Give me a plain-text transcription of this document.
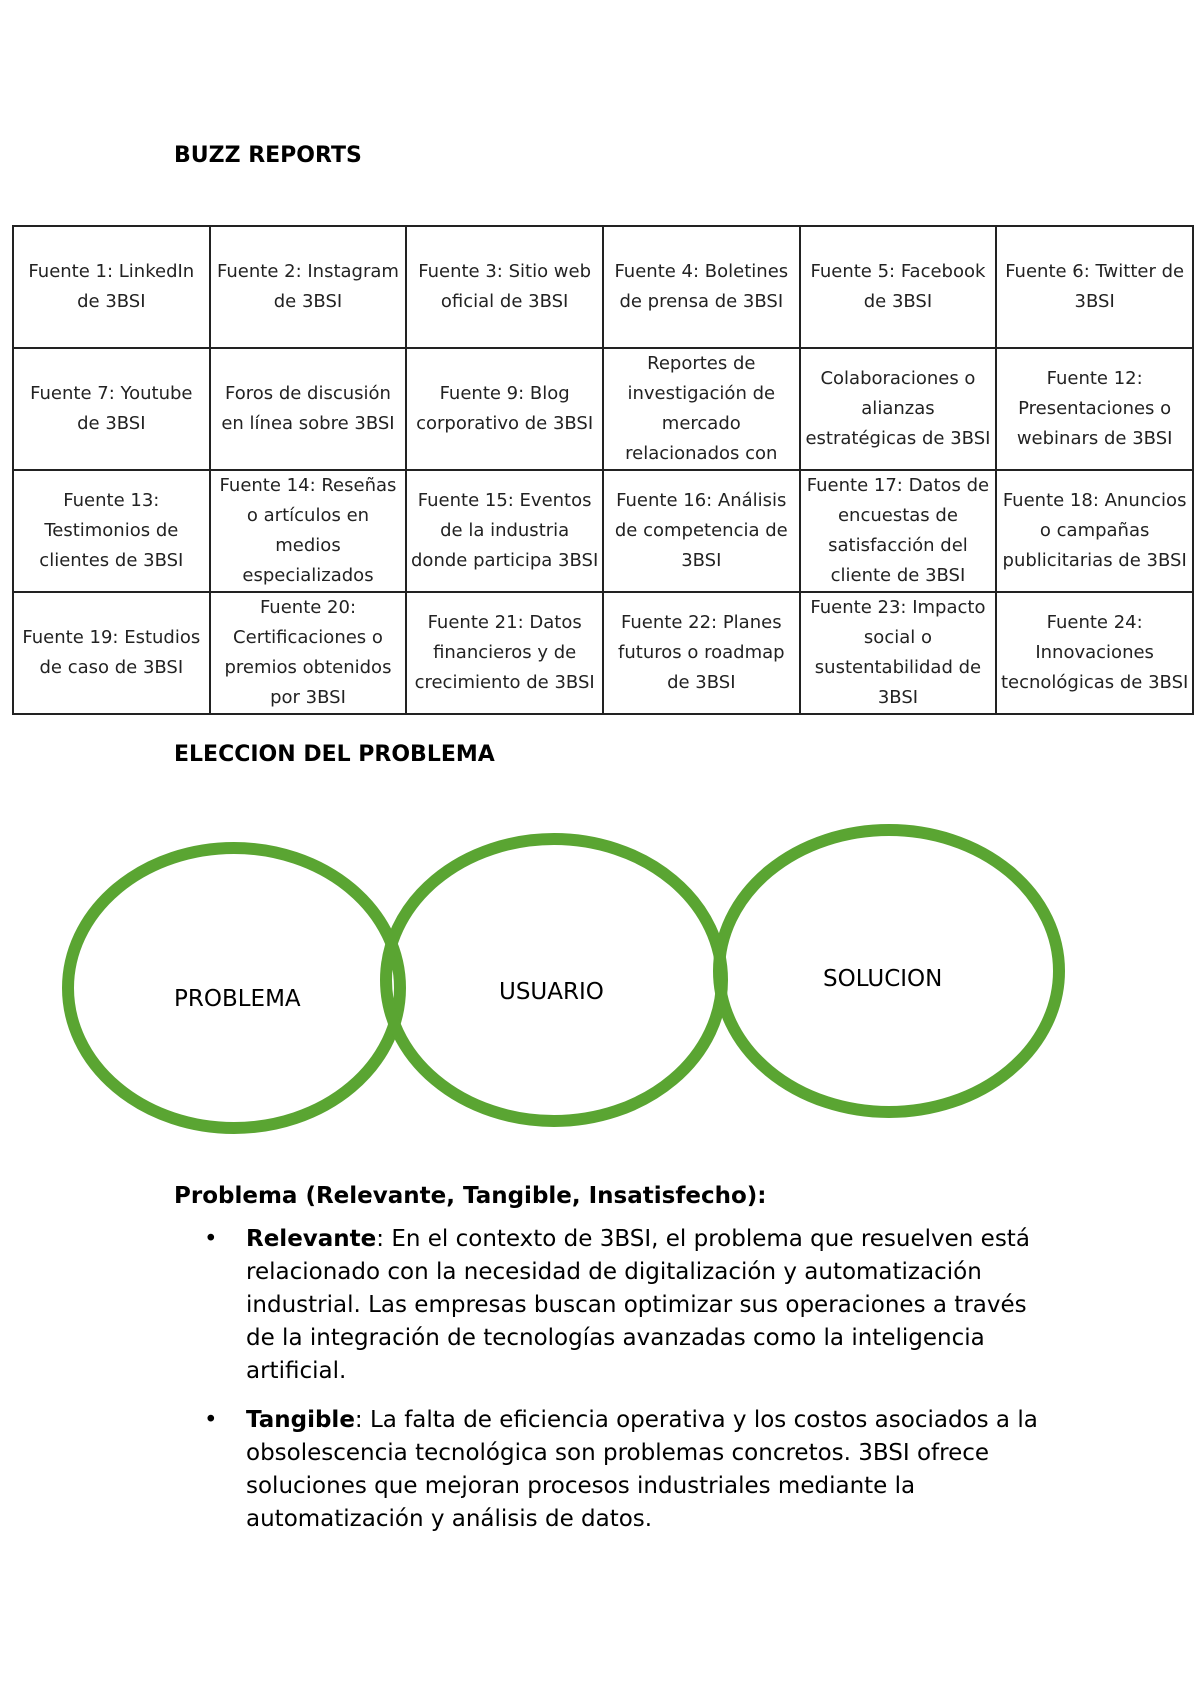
BUZZ REPORTS
Fuente 1: LinkedIn de 3BSI	Fuente 2: Instagram de 3BSI	Fuente 3: Sitio web oficial de 3BSI	Fuente 4: Boletines de prensa de 3BSI	Fuente 5: Facebook de 3BSI	Fuente 6: Twitter de 3BSI
Fuente 7: Youtube de 3BSI	Foros de discusión en línea sobre 3BSI	Fuente 9: Blog corporativo de 3BSI	Reportes de investigación de mercado relacionados con	Colaboraciones o alianzas estratégicas de 3BSI	Fuente 12: Presentaciones o webinars de 3BSI
Fuente 13: Testimonios de clientes de 3BSI	Fuente 14: Reseñas o artículos en medios especializados	Fuente 15: Eventos de la industria donde participa 3BSI	Fuente 16: Análisis de competencia de 3BSI	Fuente 17: Datos de encuestas de satisfacción del cliente de 3BSI	Fuente 18: Anuncios o campañas publicitarias de 3BSI
Fuente 19: Estudios de caso de 3BSI	Fuente 20: Certificaciones o premios obtenidos por 3BSI	Fuente 21: Datos financieros y de crecimiento de 3BSI	Fuente 22: Planes futuros o roadmap de 3BSI	Fuente 23: Impacto social o sustentabilidad de 3BSI	Fuente 24: Innovaciones tecnológicas de 3BSI
ELECCION DEL PROBLEMA
PROBLEMA	USUARIO	SOLUCION

Problema (Relevante, Tangible, Insatisfecho):

• Relevante: En el contexto de 3BSI, el problema que resuelven está relacionado con la necesidad de digitalización y automatización industrial. Las empresas buscan optimizar sus operaciones a través de la integración de tecnologías avanzadas como la inteligencia artificial.
• Tangible: La falta de eficiencia operativa y los costos asociados a la obsolescencia tecnológica son problemas concretos. 3BSI ofrece soluciones que mejoran procesos industriales mediante la automatización y análisis de datos.
